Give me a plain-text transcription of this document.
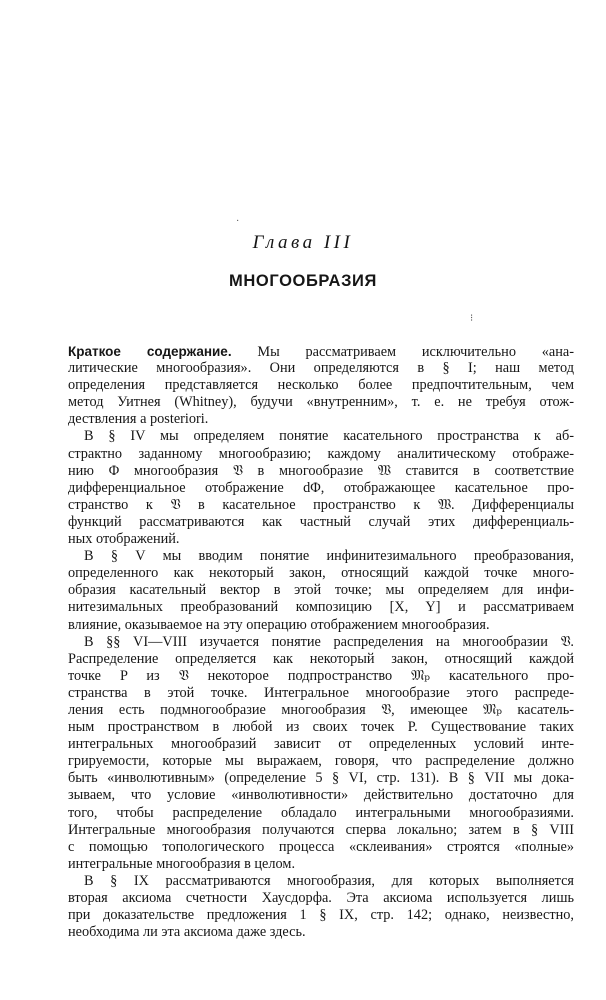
·
⁝
Глава III
МНОГООБРАЗИЯ
Краткое содержание. Мы рассматриваем исключительно «ана-
литические многообразия». Они определяются в § I; наш метод
определения представляется несколько более предпочтительным, чем
метод Уитнея (Whitney), будучи «внутренним», т. е. не требуя отож-
дествления a posteriori.
В § IV мы определяем понятие касательного пространства к аб-
страктно заданному многообразию; каждому аналитическому отображе-
нию Φ многообразия 𝔙 в многообразие 𝔚 ставится в соответствие
дифференциальное отображение dΦ, отображающее касательное про-
странство к 𝔙 в касательное пространство к 𝔚. Дифференциалы
функций рассматриваются как частный случай этих дифференциаль-
ных отображений.
В § V мы вводим понятие инфинитезимального преобразования,
определенного как некоторый закон, относящий каждой точке много-
образия касательный вектор в этой точке; мы определяем для инфи-
нитезимальных преобразований композицию [X, Y] и рассматриваем
влияние, оказываемое на эту операцию отображением многообразия.
В §§ VI—VIII изучается понятие распределения на многообразии 𝔙.
Распределение определяется как некоторый закон, относящий каждой
точке P из 𝔙 некоторое подпространство 𝔐ₚ касательного про-
странства в этой точке. Интегральное многообразие этого распреде-
ления есть подмногообразие многообразия 𝔙, имеющее 𝔐ₚ касатель-
ным пространством в любой из своих точек P. Существование таких
интегральных многообразий зависит от определенных условий инте-
грируемости, которые мы выражаем, говоря, что распределение должно
быть «инволютивным» (определение 5 § VI, стр. 131). В § VII мы дока-
зываем, что условие «инволютивности» действительно достаточно для
того, чтобы распределение обладало интегральными многообразиями.
Интегральные многообразия получаются сперва локально; затем в § VIII
с помощью топологического процесса «склеивания» строятся «полные»
интегральные многообразия в целом.
В § IX рассматриваются многообразия, для которых выполняется
вторая аксиома счетности Хаусдорфа. Эта аксиома используется лишь
при доказательстве предложения 1 § IX, стр. 142; однако, неизвестно,
необходима ли эта аксиома даже здесь.
